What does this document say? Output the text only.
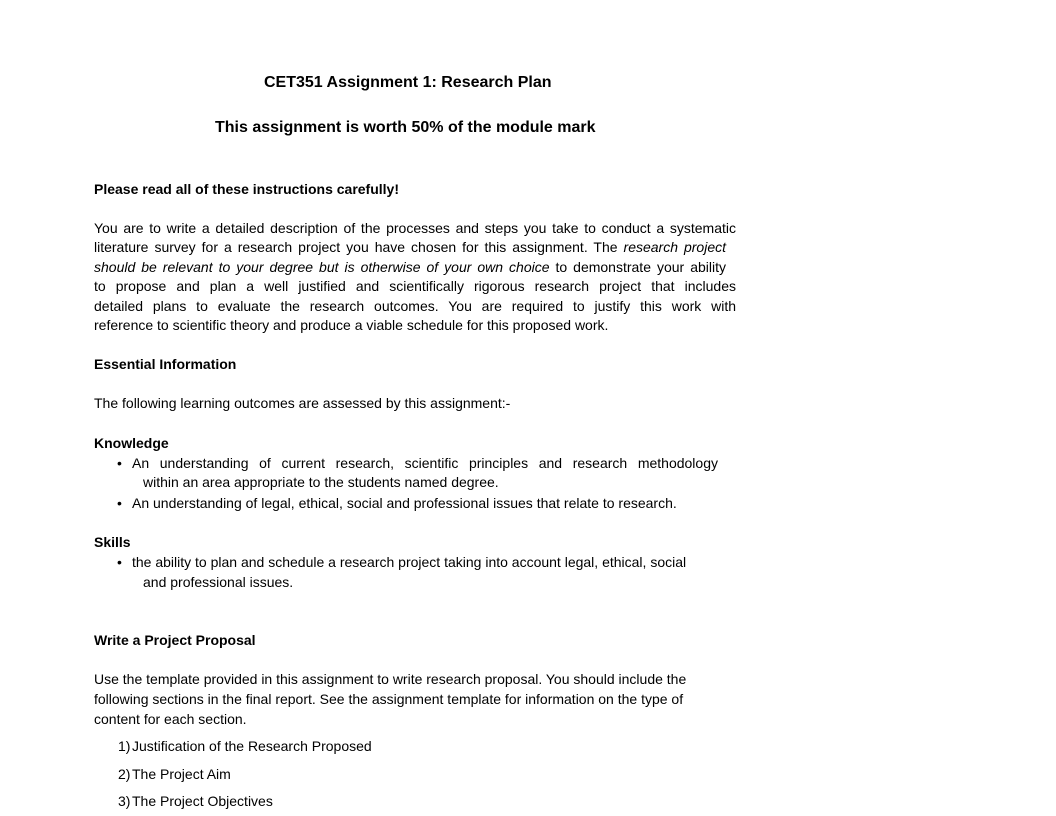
CET351 Assignment 1: Research Plan
This assignment is worth 50% of the module mark
Please read all of these instructions carefully!
You are to write a detailed description of the processes and steps you take to conduct a systematic
literature survey for a research project you have chosen for this assignment. The research project
should be relevant to your degree but is otherwise of your own choice to demonstrate your ability
to propose and plan a well justified and scientifically rigorous research project that includes
detailed plans to evaluate the research outcomes. You are required to justify this work with
reference to scientific theory and produce a viable schedule for this proposed work.
Essential Information
The following learning outcomes are assessed by this assignment:-
Knowledge
• An understanding of current research, scientific principles and research methodology
within an area appropriate to the students named degree.
• An understanding of legal, ethical, social and professional issues that relate to research.
Skills
• the ability to plan and schedule a research project taking into account legal, ethical, social
and professional issues.
Write a Project Proposal
Use the template provided in this assignment to write research proposal. You should include the
following sections in the final report. See the assignment template for information on the type of
content for each section.
1) Justification of the Research Proposed
2) The Project Aim
3) The Project Objectives
